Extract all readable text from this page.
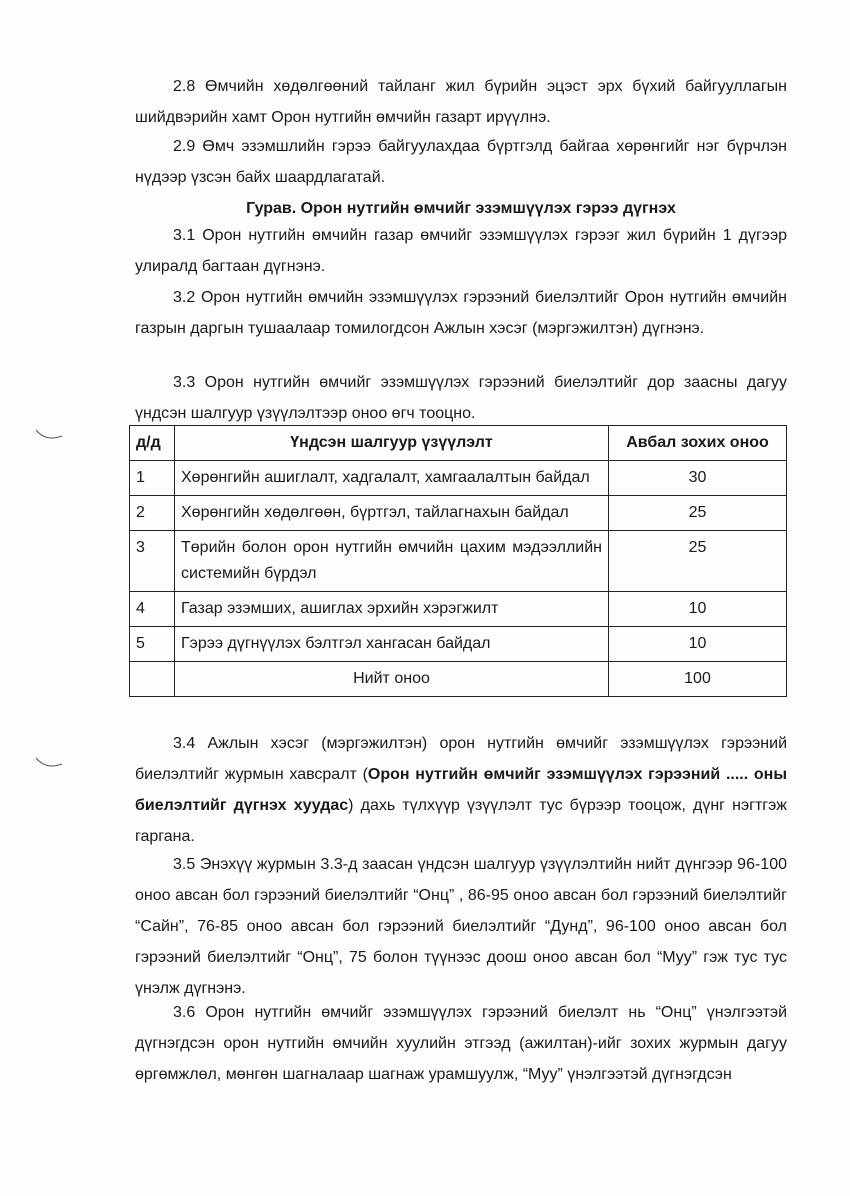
2.8 Өмчийн хөдөлгөөний тайланг жил бүрийн эцэст эрх бүхий байгууллагын шийдвэрийн хамт Орон нутгийн өмчийн газарт ирүүлнэ.

2.9 Өмч эзэмшлийн гэрээ байгуулахдаа бүртгэлд байгаа хөрөнгийг нэг бүрчлэн нүдээр үзсэн байх шаардлагатай.

Гурав. Орон нутгийн өмчийг эзэмшүүлэх гэрээ дүгнэх

3.1 Орон нутгийн өмчийн газар өмчийг эзэмшүүлэх гэрээг жил бүрийн 1 дүгээр улиралд багтаан дүгнэнэ.

3.2 Орон нутгийн өмчийн эзэмшүүлэх гэрээний биелэлтийг Орон нутгийн өмчийн газрын даргын тушаалаар томилогдсон Ажлын хэсэг (мэргэжилтэн) дүгнэнэ.

3.3 Орон нутгийн өмчийг эзэмшүүлэх гэрээний биелэлтийг дор заасны дагуу үндсэн шалгуур үзүүлэлтээр оноо өгч тооцно.

д/д	Үндсэн шалгуур үзүүлэлт	Авбал зохих оноо
1	Хөрөнгийн ашиглалт, хадгалалт, хамгаалалтын байдал	30
2	Хөрөнгийн хөдөлгөөн, бүртгэл, тайлагнахын байдал	25
3	Төрийн болон орон нутгийн өмчийн цахим мэдээллийн системийн бүрдэл	25
4	Газар эзэмших, ашиглах эрхийн хэрэгжилт	10
5	Гэрээ дүгнүүлэх бэлтгэл хангасан байдал	10
	Нийт оноо	100

3.4 Ажлын хэсэг (мэргэжилтэн) орон нутгийн өмчийг эзэмшүүлэх гэрээний биелэлтийг журмын хавсралт (Орон нутгийн өмчийг эзэмшүүлэх гэрээний ..... оны биелэлтийг дүгнэх хуудас) дахь түлхүүр үзүүлэлт тус бүрээр тооцож, дүнг нэгтгэж гаргана.

3.5 Энэхүү журмын 3.3-д заасан үндсэн шалгуур үзүүлэлтийн нийт дүнгээр 96-100 оноо авсан бол гэрээний биелэлтийг “Онц” , 86-95 оноо авсан бол гэрээний биелэлтийг “Сайн”, 76-85 оноо авсан бол гэрээний биелэлтийг “Дунд”, 96-100 оноо авсан бол гэрээний биелэлтийг “Онц”, 75 болон түүнээс доош оноо авсан бол “Муу” гэж тус тус үнэлж дүгнэнэ.

3.6 Орон нутгийн өмчийг эзэмшүүлэх гэрээний биелэлт нь “Онц” үнэлгээтэй дүгнэгдсэн орон нутгийн өмчийн хуулийн этгээд (ажилтан)-ийг зохих журмын дагуу өргөмжлөл, мөнгөн шагналаар шагнаж урамшуулж, “Муу” үнэлгээтэй дүгнэгдсэн
